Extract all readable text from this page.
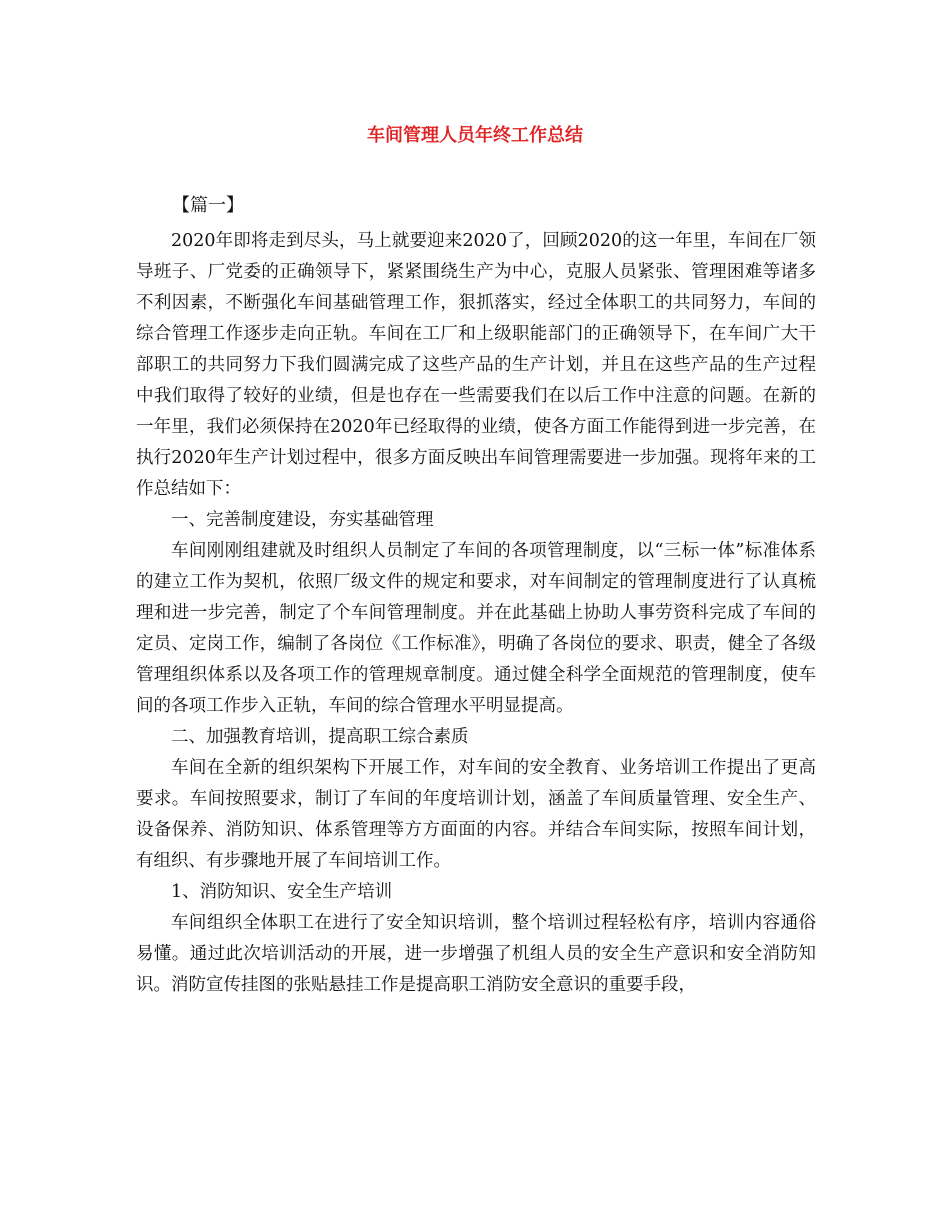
车间管理人员年终工作总结
【篇一】

2020年即将走到尽头，马上就要迎来2020了，回顾2020的这一年里，车间在厂领导班子、厂党委的正确领导下，紧紧围绕生产为中心，克服人员紧张、管理困难等诸多不利因素，不断强化车间基础管理工作，狠抓落实，经过全体职工的共同努力，车间的综合管理工作逐步走向正轨。车间在工厂和上级职能部门的正确领导下，在车间广大干部职工的共同努力下我们圆满完成了这些产品的生产计划，并且在这些产品的生产过程中我们取得了较好的业绩，但是也存在一些需要我们在以后工作中注意的问题。在新的一年里，我们必须保持在2020年已经取得的业绩，使各方面工作能得到进一步完善，在执行2020年生产计划过程中，很多方面反映出车间管理需要进一步加强。现将年来的工作总结如下：

一、完善制度建设，夯实基础管理

车间刚刚组建就及时组织人员制定了车间的各项管理制度，以“三标一体”标准体系的建立工作为契机，依照厂级文件的规定和要求，对车间制定的管理制度进行了认真梳理和进一步完善，制定了个车间管理制度。并在此基础上协助人事劳资科完成了车间的定员、定岗工作，编制了各岗位《工作标准》，明确了各岗位的要求、职责，健全了各级管理组织体系以及各项工作的管理规章制度。通过健全科学全面规范的管理制度，使车间的各项工作步入正轨，车间的综合管理水平明显提高。

二、加强教育培训，提高职工综合素质

车间在全新的组织架构下开展工作，对车间的安全教育、业务培训工作提出了更高要求。车间按照要求，制订了车间的年度培训计划，涵盖了车间质量管理、安全生产、设备保养、消防知识、体系管理等方方面面的内容。并结合车间实际，按照车间计划，有组织、有步骤地开展了车间培训工作。

1、消防知识、安全生产培训

车间组织全体职工在进行了安全知识培训，整个培训过程轻松有序，培训内容通俗易懂。通过此次培训活动的开展，进一步增强了机组人员的安全生产意识和安全消防知识。消防宣传挂图的张贴悬挂工作是提高职工消防安全意识的重要手段，
